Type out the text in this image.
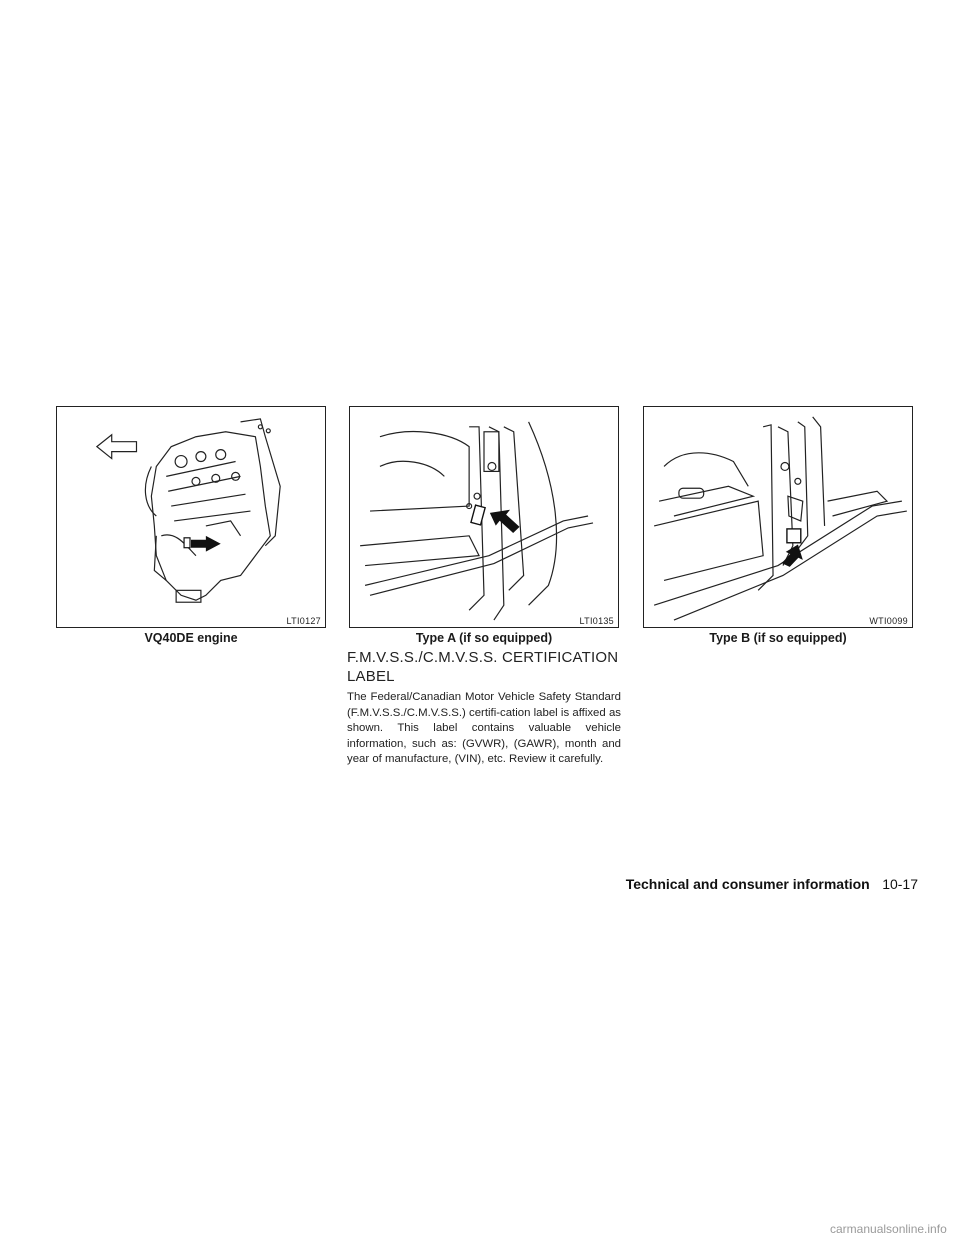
LTI0127
VQ40DE engine
LTI0135
Type A (if so equipped)
WTI0099
Type B (if so equipped)
F.M.V.S.S./C.M.V.S.S. CERTIFICATION LABEL

The Federal/Canadian Motor Vehicle Safety Standard (F.M.V.S.S./C.M.V.S.S.) certifi-cation label is affixed as shown. This label contains valuable vehicle information, such as: (GVWR), (GAWR), month and year of manufacture, (VIN), etc. Review it carefully.

Technical and consumer information 10-17
carmanualsonline.info
